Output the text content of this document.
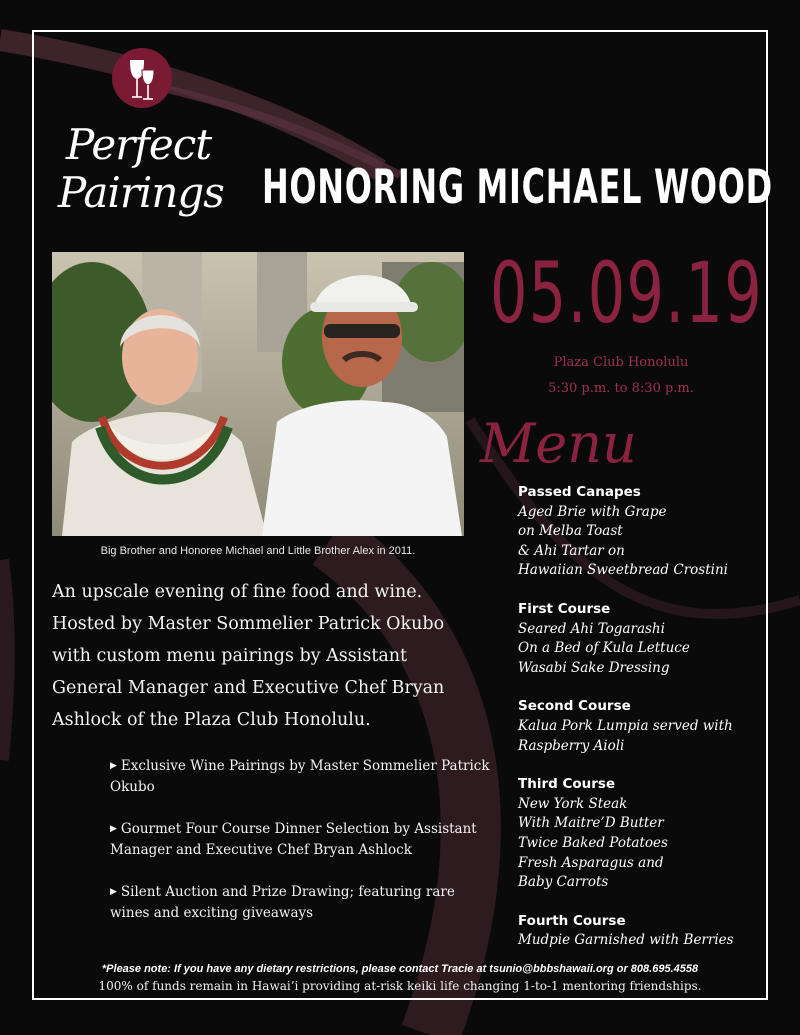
Perfect
Pairings HONORING MICHAEL WOOD
Big Brother and Honoree Michael and Little Brother Alex in 2011.
05.09.19
Plaza Club Honolulu
5:30 p.m. to 8:30 p.m.
Menu
An upscale evening of fine food and wine. Hosted by Master Sommelier Patrick Okubo with custom menu pairings by Assistant General Manager and Executive Chef Bryan Ashlock of the Plaza Club Honolulu.
▶ Exclusive Wine Pairings by Master Sommelier Patrick Okubo
▶ Gourmet Four Course Dinner Selection by Assistant Manager and Executive Chef Bryan Ashlock
▶ Silent Auction and Prize Drawing; featuring rare wines and exciting giveaways
Passed Canapes
Aged Brie with Grape
on Melba Toast
& Ahi Tartar on
Hawaiian Sweetbread Crostini
First Course
Seared Ahi Togarashi
On a Bed of Kula Lettuce
Wasabi Sake Dressing
Second Course
Kalua Pork Lumpia served with
Raspberry Aioli
Third Course
New York Steak
With Maitre’D Butter
Twice Baked Potatoes
Fresh Asparagus and
Baby Carrots
Fourth Course
Mudpie Garnished with Berries
*Please note: If you have any dietary restrictions, please contact Tracie at tsunio@bbbshawaii.org or 808.695.4558
100% of funds remain in Hawai’i providing at-risk keiki life changing 1-to-1 mentoring friendships.
